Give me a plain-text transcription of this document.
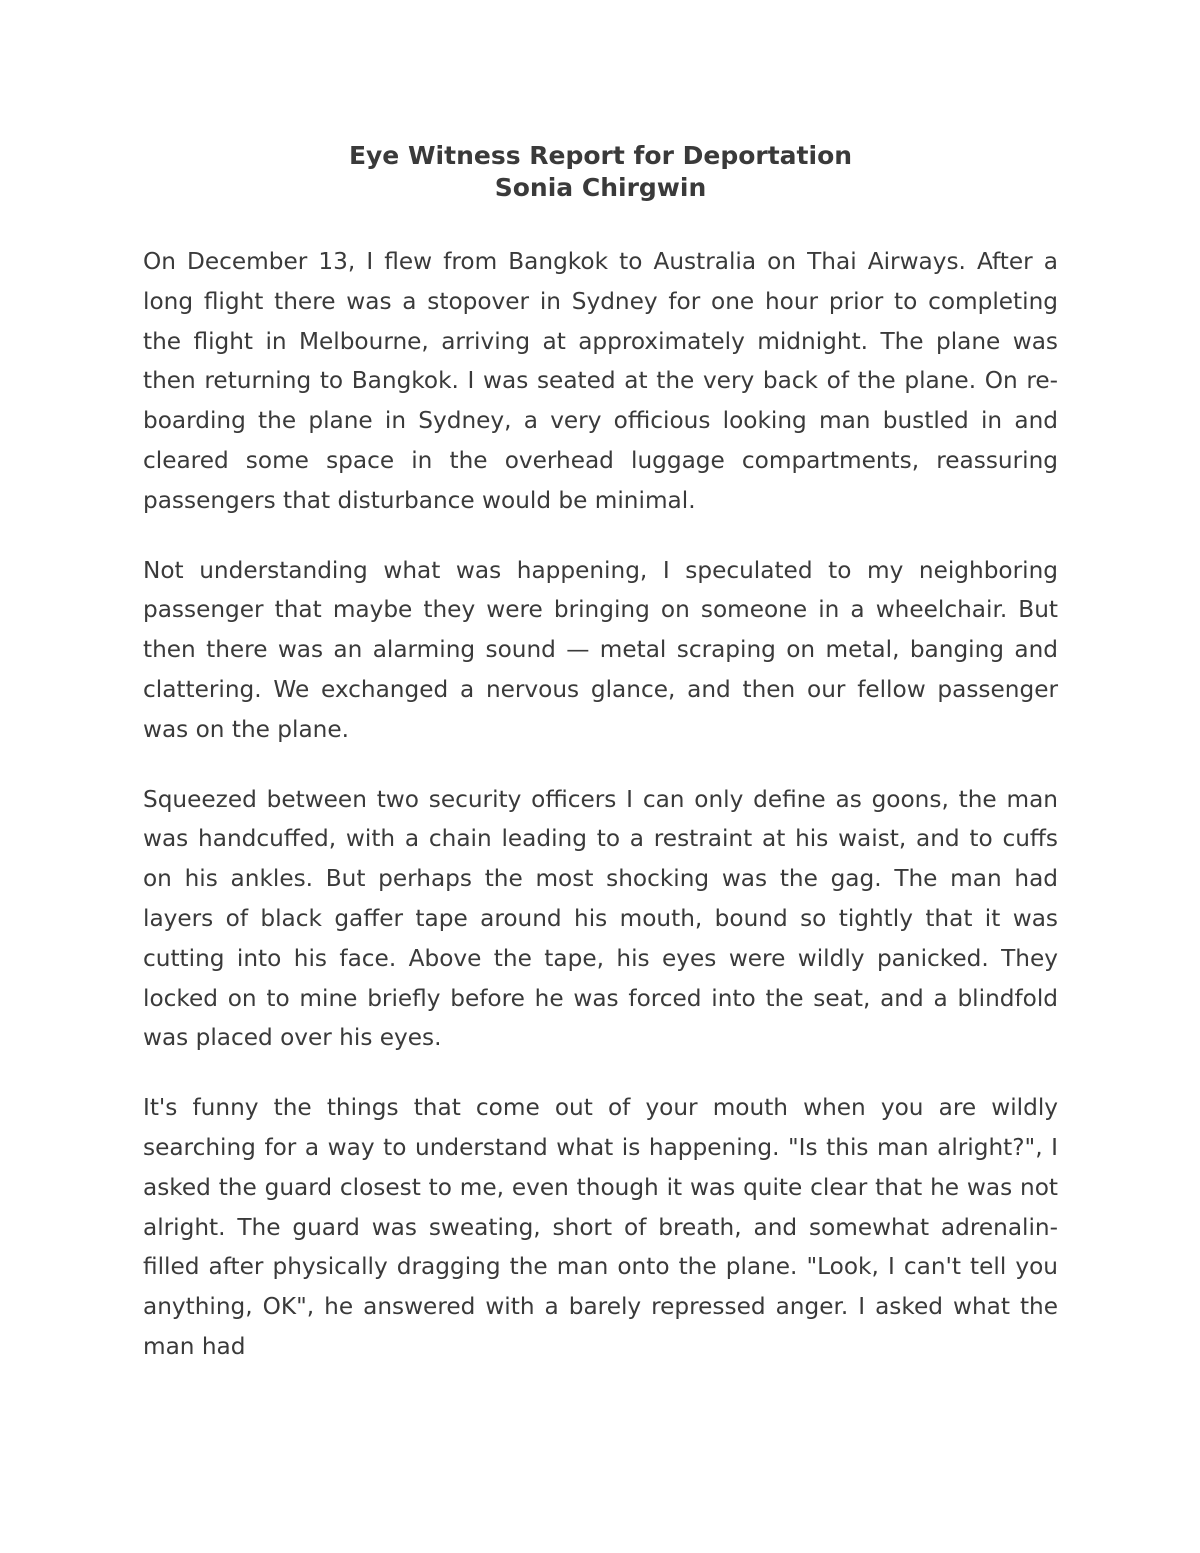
Eye Witness Report for Deportation
Sonia Chirgwin

On December 13, I flew from Bangkok to Australia on Thai Airways. After a long flight there was a stopover in Sydney for one hour prior to completing the flight in Melbourne, arriving at approximately midnight. The plane was then returning to Bangkok. I was seated at the very back of the plane. On re-boarding the plane in Sydney, a very officious looking man bustled in and cleared some space in the overhead luggage compartments, reassuring passengers that disturbance would be minimal.

Not understanding what was happening, I speculated to my neighboring passenger that maybe they were bringing on someone in a wheelchair. But then there was an alarming sound — metal scraping on metal, banging and clattering. We exchanged a nervous glance, and then our fellow passenger was on the plane.

Squeezed between two security officers I can only define as goons, the man was handcuffed, with a chain leading to a restraint at his waist, and to cuffs on his ankles. But perhaps the most shocking was the gag. The man had layers of black gaffer tape around his mouth, bound so tightly that it was cutting into his face. Above the tape, his eyes were wildly panicked. They locked on to mine briefly before he was forced into the seat, and a blindfold was placed over his eyes.

It's funny the things that come out of your mouth when you are wildly searching for a way to understand what is happening. "Is this man alright?", I asked the guard closest to me, even though it was quite clear that he was not alright. The guard was sweating, short of breath, and somewhat adrenalin-filled after physically dragging the man onto the plane. "Look, I can't tell you anything, OK", he answered with a barely repressed anger. I asked what the man had
